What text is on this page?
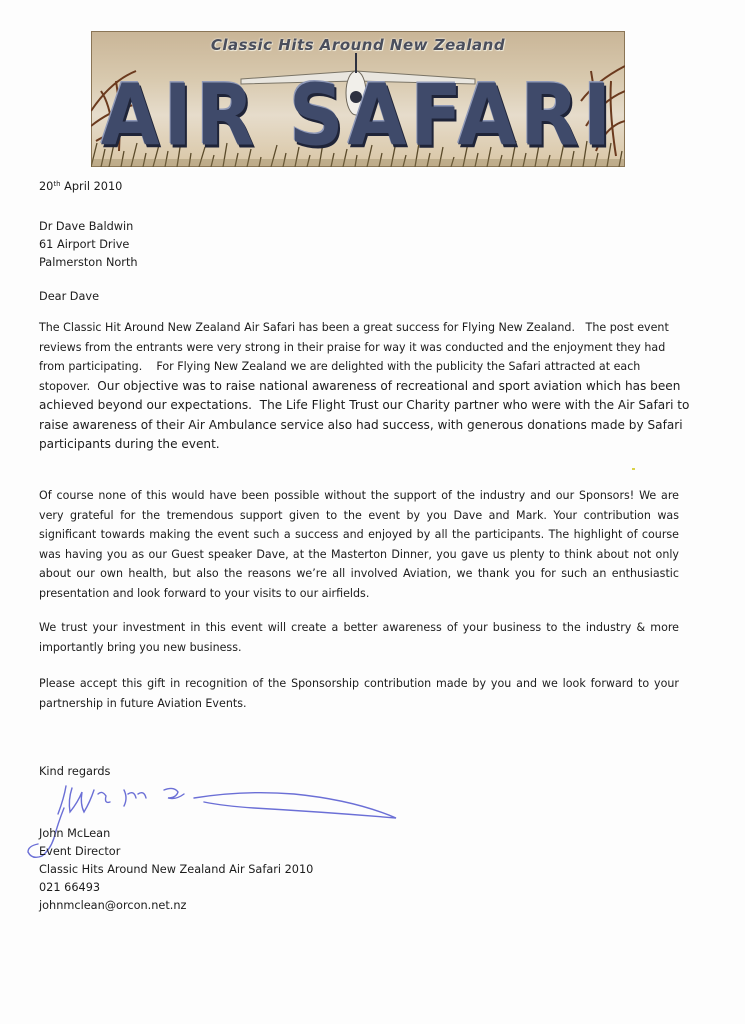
Classic Hits Around New Zealand
AIR SAFARI
20th April 2010
Dr Dave Baldwin
61 Airport Drive
Palmerston North
Dear Dave
The Classic Hit Around New Zealand Air Safari has been a great success for Flying New Zealand.   The post event
reviews from the entrants were very strong in their praise for way it was conducted and the enjoyment they had
from participating.    For Flying New Zealand we are delighted with the publicity the Safari attracted at each
stopover.  Our objective was to raise national awareness of recreational and sport aviation which has been
achieved beyond our expectations.  The Life Flight Trust our Charity partner who were with the Air Safari to
raise awareness of their Air Ambulance service also had success, with generous donations made by Safari
participants during the event.
Of course none of this would have been possible without the support of the industry and our Sponsors! We are very grateful for the tremendous support given to the event by you Dave and Mark. Your contribution was significant towards making the event such a success and enjoyed by all the participants. The highlight of course was having you as our Guest speaker Dave, at the Masterton Dinner, you gave us plenty to think about not only about our own health, but also the reasons we’re all involved Aviation, we thank you for such an enthusiastic presentation and look forward to your visits to our airfields.
We trust your investment in this event will create a better awareness of your business to the industry & more importantly bring you new business.
Please accept this gift in recognition of the Sponsorship contribution made by you and we look forward to your partnership in future Aviation Events.
Kind regards
John McLean
Event Director
Classic Hits Around New Zealand Air Safari 2010
021 66493
johnmclean@orcon.net.nz
